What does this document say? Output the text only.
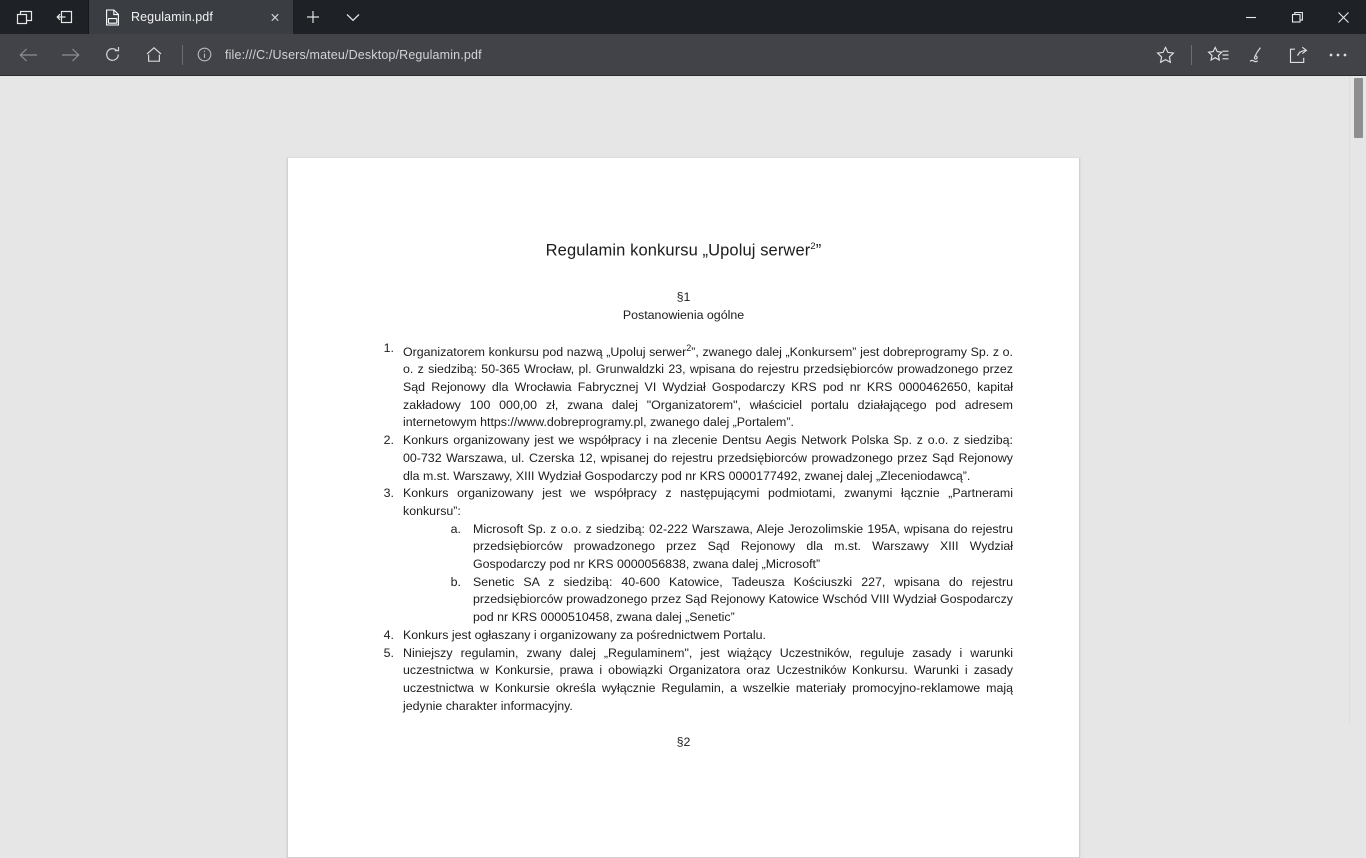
Regulamin.pdf	✕
file:///C:/Users/mateu/Desktop/Regulamin.pdf
Regulamin konkursu „Upoluj serwer$^2$”
§1
Postanowienia ogólne
1. Organizatorem konkursu pod nazwą „Upoluj serwer$^2$”, zwanego dalej „Konkursem” jest dobreprogramy Sp. z o. o. z siedzibą: 50-365 Wrocław, pl. Grunwaldzki 23, wpisana do rejestru przedsiębiorców prowadzonego przez Sąd Rejonowy dla Wrocławia Fabrycznej VI Wydział Gospodarczy KRS pod nr KRS 0000462650, kapitał zakładowy 100 000,00 zł, zwana dalej "Organizatorem", właściciel portalu działającego pod adresem internetowym https://www.dobreprogramy.pl, zwanego dalej „Portalem”.
2. Konkurs organizowany jest we współpracy i na zlecenie Dentsu Aegis Network Polska Sp. z o.o. z siedzibą: 00-732 Warszawa, ul. Czerska 12, wpisanej do rejestru przedsiębiorców prowadzonego przez Sąd Rejonowy dla m.st. Warszawy, XIII Wydział Gospodarczy pod nr KRS 0000177492, zwanej dalej „Zleceniodawcą”.
3. Konkurs organizowany jest we współpracy z następującymi podmiotami, zwanymi łącznie „Partnerami konkursu”:
a. Microsoft Sp. z o.o. z siedzibą: 02-222 Warszawa, Aleje Jerozolimskie 195A, wpisana do rejestru przedsiębiorców prowadzonego przez Sąd Rejonowy dla m.st. Warszawy XIII Wydział Gospodarczy pod nr KRS 0000056838, zwana dalej „Microsoft”
b. Senetic SA z siedzibą: 40-600 Katowice, Tadeusza Kościuszki 227, wpisana do rejestru przedsiębiorców prowadzonego przez Sąd Rejonowy Katowice Wschód VIII Wydział Gospodarczy pod nr KRS 0000510458, zwana dalej „Senetic”
4. Konkurs jest ogłaszany i organizowany za pośrednictwem Portalu.
5. Niniejszy regulamin, zwany dalej „Regulaminem", jest wiążący Uczestników, reguluje zasady i warunki uczestnictwa w Konkursie, prawa i obowiązki Organizatora oraz Uczestników Konkursu. Warunki i zasady uczestnictwa w Konkursie określa wyłącznie Regulamin, a wszelkie materiały promocyjno-reklamowe mają jedynie charakter informacyjny.
§2
